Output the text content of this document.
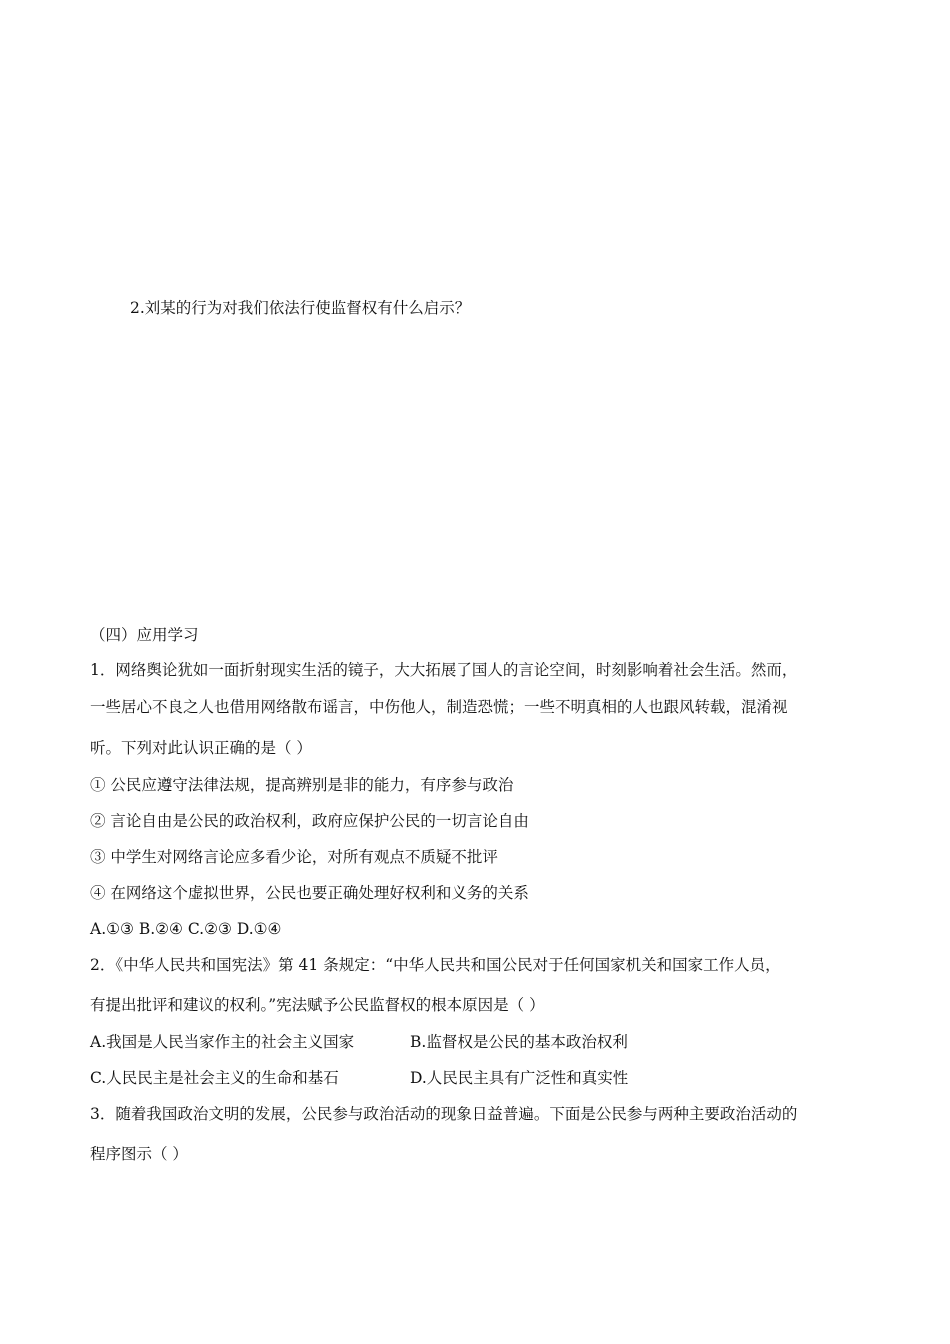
2.刘某的行为对我们依法行使监督权有什么启示？
（四）应用学习
1．网络舆论犹如一面折射现实生活的镜子，大大拓展了国人的言论空间，时刻影响着社会生活。然而，
一些居心不良之人也借用网络散布谣言，中伤他人，制造恐慌；一些不明真相的人也跟风转载，混淆视
听。下列对此认识正确的是（ ）
① 公民应遵守法律法规，提高辨别是非的能力，有序参与政治
② 言论自由是公民的政治权利，政府应保护公民的一切言论自由
③ 中学生对网络言论应多看少论，对所有观点不质疑不批评
④ 在网络这个虚拟世界，公民也要正确处理好权利和义务的关系
A.①③ B.②④ C.②③ D.①④
2．《中华人民共和国宪法》第 41 条规定：“中华人民共和国公民对于任何国家机关和国家工作人员，
有提出批评和建议的权利。”宪法赋予公民监督权的根本原因是（ ）
A.我国是人民当家作主的社会主义国家	B.监督权是公民的基本政治权利
C.人民民主是社会主义的生命和基石	D.人民民主具有广泛性和真实性
3．随着我国政治文明的发展，公民参与政治活动的现象日益普遍。下面是公民参与两种主要政治活动的
程序图示（ ）
